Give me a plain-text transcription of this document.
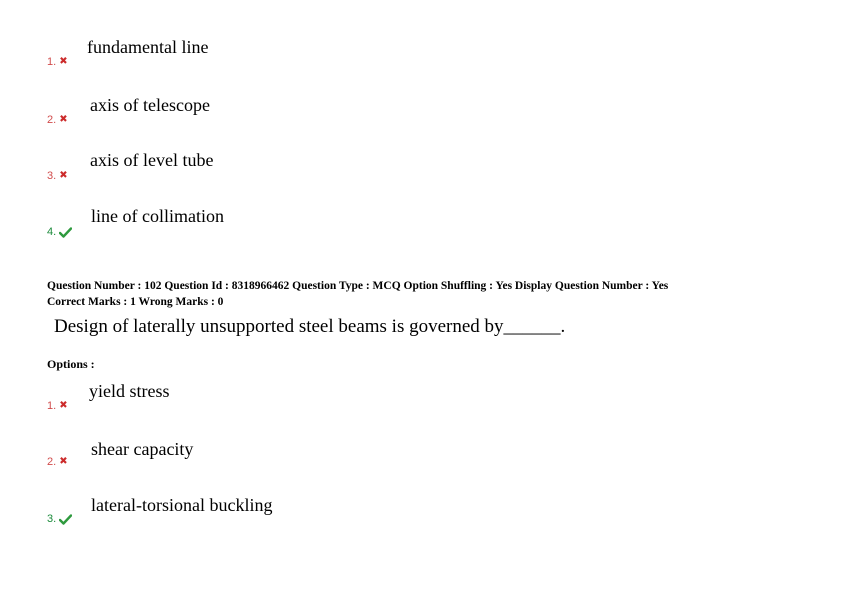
fundamental line
1. ✖
axis of telescope
2. ✖
axis of level tube
3. ✖
line of collimation
4.
Question Number : 102 Question Id : 8318966462 Question Type : MCQ Option Shuffling : Yes Display Question Number : Yes
Correct Marks : 1 Wrong Marks : 0
Design of laterally unsupported steel beams is governed by______.
Options :
yield stress
1. ✖
shear capacity
2. ✖
lateral-torsional buckling
3.
